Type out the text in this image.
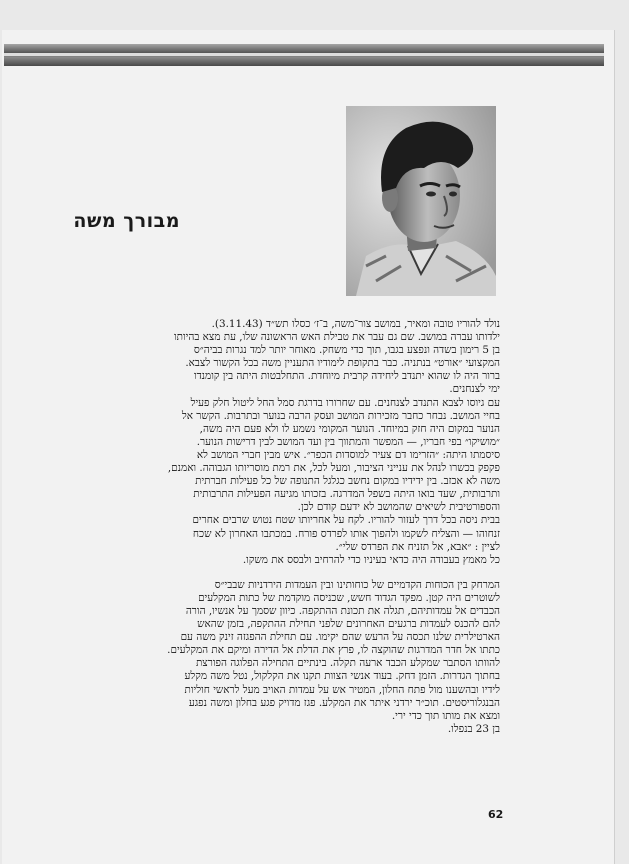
מבורך משה
נולד להוריו טובה ומאיר, במושב צור־משה, ב־ז׳ כסלו תש״ד (3.11.43).
ילדותו עברה במושב. שם גם עבר את טבילת האש הראשונה שלו, עת מצא בהיותו
בן 5 רימון בשדה ונפצע בגבו, תוך כדי משחק. מאוחר יותר למד נגרות בביה״ס
המקצועי ״אורט״ בנתניה. כבר בתקופת לימודיו התעניין משה בכל הקשור לצבא.
ברור היה לו שהוא יתנדב ליחידה קרבית מיוחדת. התחלבטות היתה בין קומנדו
ימי לצנחנים.
עם גיוסו לצבא התנדב לצנחנים. עם שחרורו בדרגת סמל החל ליטול חלק פעיל
בחיי המושב. נבחר כחבר מזכירות המושב ועסק הרבה בנוער ובתרבות. הקשר אל
הנוער במקום היה חזק במיוחד. הנוער המקומי נשמע לו ולא פעם היה משה,
״מושיקו״ בפי חבריו, — המפשר והמתווך בין ועד המושב לבין דרישות הנוער.
סיסמתו היתה: ״הזרימו דם צעיר למוסדות הכפר״. איש מבין חברי המושב לא
פקפק בכשרו לנהל את ענייני הציבור, ומעל לכל, את רמת מוסריותו הגבוהה. ואמנם,
משה לא אכזב. בין ידידיו במקום נחשב כגלגל התנופה של כל פעילות חברתית
ותרבותית, שעד בואו היתה בשפל המדרגה. בזכותו מגיעה הפעילות התרבותית
והספורטיבית לשיאים שהמושב לא ידעם קודם לכן.
בבית ניסה בכל דרך לעזור להוריו. לקח על אחריותו שטח נטוש שרבים אחרים
זנחוהו — והצליח לשקמו ולהפוך אותו לפרדס פורח. במכתבו האחרון לא שכח
לציין : ״אבא, אל תזניח את הפרדס שלי״.
כל מאמץ בעבודה היה כדאי בעיניו כדי להרחיב ולבסס את משקו.
המרחק בין הכוחות הקדמיים של כוחותינו ובין העמדות הירדניות שבבי״ס
לשוטרים היה קטן. מפקד הגדוד חשש, שכניסה מוקדמת של כתות המקלעים
הכבדים אל עמדותיהם, תגלה את תכונת ההתקפה. כיוון שסמך על אנשיו, הורה
להם להכנס לעמדות ברגעים האחרונים שלפני תחילת ההתקפה, בזמן שהאש
הארטילרית שלנו תכסה על הרעש שהם יקימו. עם תחילת ההפגזה זינק משה עם
כתתו אל חדר המדרגות שהוקצה לו, פרץ את הדלת אל הדירה ומיקם את המקלעים.
להוותו הסתבר שמקלע הכבד ארעה תקלה. בינתיים התחילה הפלוגה הפורצת
בחתוך הגדרות. הזמן דחק. בעוד אנשי הצוות תקנו את הקלקול, נטל משה מקלע
לידיו ובהשענו מול פתח החלון, המטיר אש על עמדות האויב מעל לראשי חוליות
הבנגלוריסטים. תוכ״ר ירדני איתר את המקלע. פגז מדויק פגע בחלון ומשה נפגע
ומצא את מותו תוך כדי ירי.
בן 23 בנפלו.
62
